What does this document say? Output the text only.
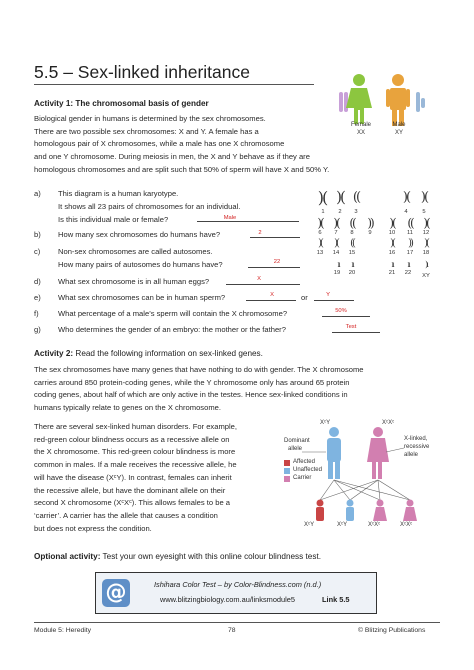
5.5 – Sex-linked inheritance
Female
XX
Male
XY
Activity 1: The chromosomal basis of gender
Biological gender in humans is determined by the sex chromosomes.
There are two possible sex chromosomes: X and Y. A female has a
homologous pair of X chromosomes, while a male has one X chromosome
and one Y chromosome. During meiosis in men, the X and Y behave as if they are
homologous chromosomes and are split such that 50% of sperm will have X and 50% Y.
a) This diagram is a human karyotype.
It shows all 23 pairs of chromosomes for an individual.
Is this individual male or female?	Male
b) How many sex chromosomes do humans have?	2
c) Non-sex chromosomes are called autosomes.
How many pairs of autosomes do humans have?	22
d) What sex chromosome is in all human eggs?	X
e) What sex chromosomes can be in human sperm?	X	or	Y
f)	What percentage of a male’s sperm will contain the X chromosome?	50%
g) Who determines the gender of an embryo: the mother or the father?	Test
)( )( ((	)( )(
1	2	3	4	5
)( )( ((	))	)(	(( )(
6	7	8	9	10	11	12
)(	)(	((	)(	))	)(
13	14	15	16	17	18
ıı	ıı	ıı	ıı	)ı
19	20	21	22	XY
Activity 2: Read the following information on sex-linked genes.
The sex chromosomes have many genes that have nothing to do with gender. The X chromosome
carries around 850 protein-coding genes, while the Y chromosome only has around 65 protein
coding genes, about half of which are only active in the testes. Hence sex-linked conditions in
humans typically relate to genes on the X chromosome.
There are several sex-linked human disorders. For example,
red-green colour blindness occurs as a recessive allele on
the X chromosome. This red-green colour blindness is more
common in males. If a male receives the recessive allele, he
will have the disease (XᶜY). In contrast, females can inherit
the recessive allele, but have the dominant allele on their
second X chromosome (XᶜXᶜ). This allows females to be a
‘carrier’. A carrier has the allele that causes a condition
but does not express the condition.
XᶜY	XᶜXᶜ
Dominant
allele
X-linked,
recessive
allele
Affected
Unaffected
Carrier
XᶜY	XᶜY	XᶜXᶜ	XᶜXᶜ
Optional activity: Test your own eyesight with this online colour blindness test.
@	Ishihara Color Test – by Color-Blindness.com (n.d.)
www.blitzingbiology.com.au/linksmodule5	Link 5.5
Module 5: Heredity	78	© Blitzing Publications
